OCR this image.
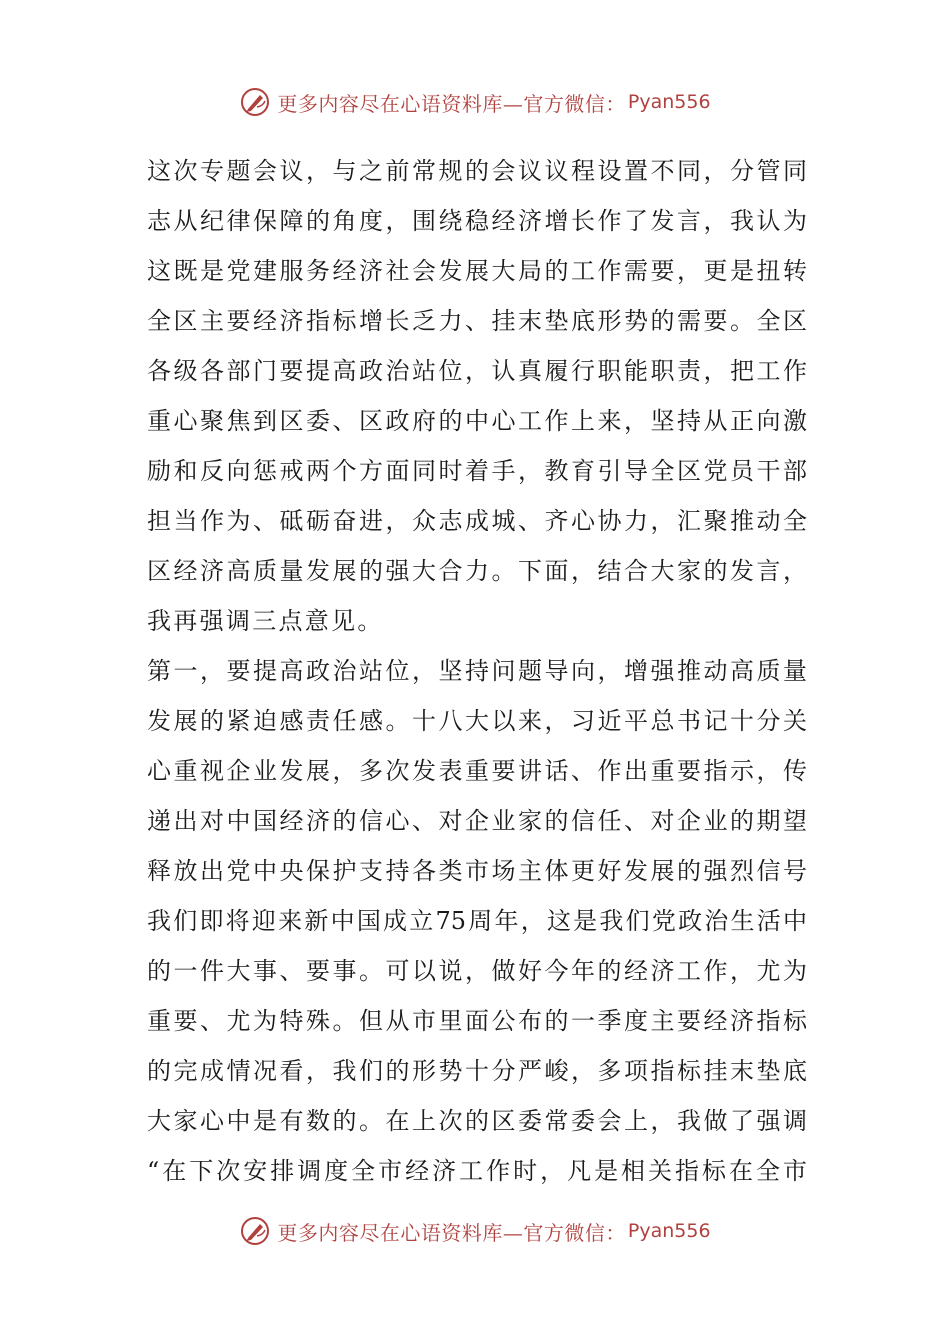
更多内容尽在心语资料库—官方微信： Pyan556
这次专题会议，与之前常规的会议议程设置不同，分管同
志从纪律保障的角度，围绕稳经济增长作了发言，我认为
这既是党建服务经济社会发展大局的工作需要，更是扭转
全区主要经济指标增长乏力、挂末垫底形势的需要。全区
各级各部门要提高政治站位，认真履行职能职责，把工作
重心聚焦到区委、区政府的中心工作上来，坚持从正向激
励和反向惩戒两个方面同时着手，教育引导全区党员干部
担当作为、砥砺奋进，众志成城、齐心协力，汇聚推动全
区经济高质量发展的强大合力。下面，结合大家的发言，
我再强调三点意见。
第一，要提高政治站位，坚持问题导向，增强推动高质量
发展的紧迫感责任感。十八大以来，习近平总书记十分关
心重视企业发展，多次发表重要讲话、作出重要指示，传
递出对中国经济的信心、对企业家的信任、对企业的期望
释放出党中央保护支持各类市场主体更好发展的强烈信号
我们即将迎来新中国成立75周年，这是我们党政治生活中
的一件大事、要事。可以说，做好今年的经济工作，尤为
重要、尤为特殊。但从市里面公布的一季度主要经济指标
的完成情况看，我们的形势十分严峻，多项指标挂末垫底
大家心中是有数的。在上次的区委常委会上，我做了强调
“在下次安排调度全市经济工作时，凡是相关指标在全市
更多内容尽在心语资料库—官方微信： Pyan556
